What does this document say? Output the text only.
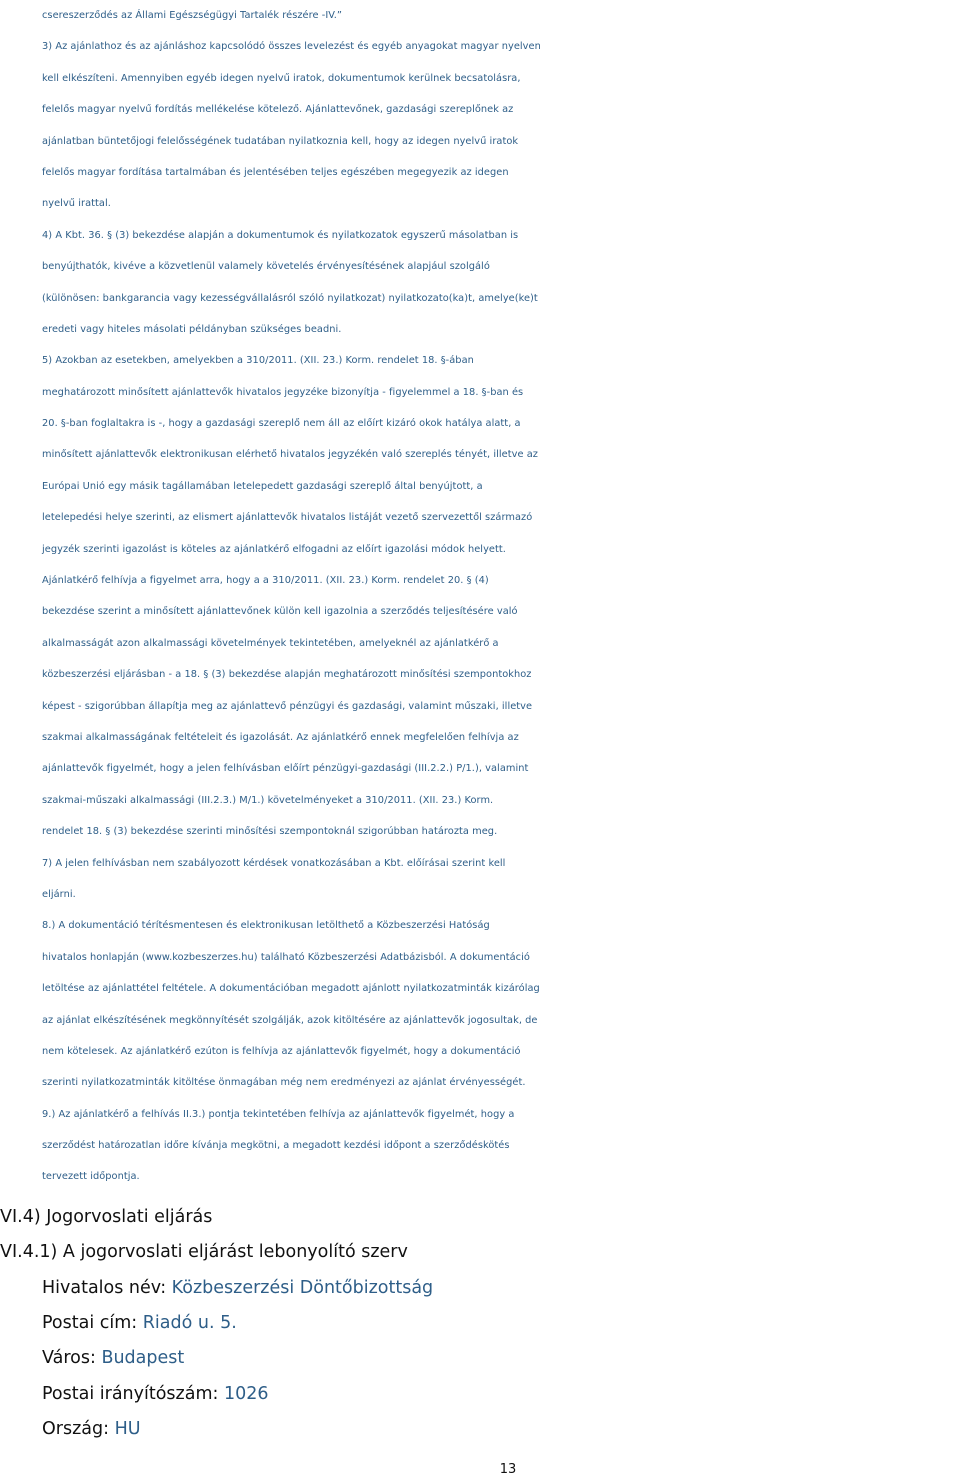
csereszerződés az Állami Egészségügyi Tartalék részére -IV.”
3) Az ajánlathoz és az ajánláshoz kapcsolódó összes levelezést és egyéb anyagokat magyar nyelven
kell elkészíteni. Amennyiben egyéb idegen nyelvű iratok, dokumentumok kerülnek becsatolásra,
felelős magyar nyelvű fordítás mellékelése kötelező. Ajánlattevőnek, gazdasági szereplőnek az
ajánlatban büntetőjogi felelősségének tudatában nyilatkoznia kell, hogy az idegen nyelvű iratok
felelős magyar fordítása tartalmában és jelentésében teljes egészében megegyezik az idegen
nyelvű irattal.
4) A Kbt. 36. § (3) bekezdése alapján a dokumentumok és nyilatkozatok egyszerű másolatban is
benyújthatók, kivéve a közvetlenül valamely követelés érvényesítésének alapjául szolgáló
(különösen: bankgarancia vagy kezességvállalásról szóló nyilatkozat) nyilatkozato(ka)t, amelye(ke)t
eredeti vagy hiteles másolati példányban szükséges beadni.
5) Azokban az esetekben, amelyekben a 310/2011. (XII. 23.) Korm. rendelet 18. §-ában
meghatározott minősített ajánlattevők hivatalos jegyzéke bizonyítja - figyelemmel a 18. §-ban és
20. §-ban foglaltakra is -, hogy a gazdasági szereplő nem áll az előírt kizáró okok hatálya alatt, a
minősített ajánlattevők elektronikusan elérhető hivatalos jegyzékén való szereplés tényét, illetve az
Európai Unió egy másik tagállamában letelepedett gazdasági szereplő által benyújtott, a
letelepedési helye szerinti, az elismert ajánlattevők hivatalos listáját vezető szervezettől származó
jegyzék szerinti igazolást is köteles az ajánlatkérő elfogadni az előírt igazolási módok helyett.
Ajánlatkérő felhívja a figyelmet arra, hogy a a 310/2011. (XII. 23.) Korm. rendelet 20. § (4)
bekezdése szerint a minősített ajánlattevőnek külön kell igazolnia a szerződés teljesítésére való
alkalmasságát azon alkalmassági követelmények tekintetében, amelyeknél az ajánlatkérő a
közbeszerzési eljárásban - a 18. § (3) bekezdése alapján meghatározott minősítési szempontokhoz
képest - szigorúbban állapítja meg az ajánlattevő pénzügyi és gazdasági, valamint műszaki, illetve
szakmai alkalmasságának feltételeit és igazolását. Az ajánlatkérő ennek megfelelően felhívja az
ajánlattevők figyelmét, hogy a jelen felhívásban előírt pénzügyi-gazdasági (III.2.2.) P/1.), valamint
szakmai-műszaki alkalmassági (III.2.3.) M/1.) követelményeket a 310/2011. (XII. 23.) Korm.
rendelet 18. § (3) bekezdése szerinti minősítési szempontoknál szigorúbban határozta meg.
7) A jelen felhívásban nem szabályozott kérdések vonatkozásában a Kbt. előírásai szerint kell
eljárni.
8.) A dokumentáció térítésmentesen és elektronikusan letölthető a Közbeszerzési Hatóság
hivatalos honlapján (www.kozbeszerzes.hu) található Közbeszerzési Adatbázisból. A dokumentáció
letöltése az ajánlattétel feltétele. A dokumentációban megadott ajánlott nyilatkozatminták kizárólag
az ajánlat elkészítésének megkönnyítését szolgálják, azok kitöltésére az ajánlattevők jogosultak, de
nem kötelesek. Az ajánlatkérő ezúton is felhívja az ajánlattevők figyelmét, hogy a dokumentáció
szerinti nyilatkozatminták kitöltése önmagában még nem eredményezi az ajánlat érvényességét.
9.) Az ajánlatkérő a felhívás II.3.) pontja tekintetében felhívja az ajánlattevők figyelmét, hogy a
szerződést határozatlan időre kívánja megkötni, a megadott kezdési időpont a szerződéskötés
tervezett időpontja.
VI.4) Jogorvoslati eljárás
VI.4.1) A jogorvoslati eljárást lebonyolító szerv
Hivatalos név: Közbeszerzési Döntőbizottság
Postai cím: Riadó u. 5.
Város: Budapest
Postai irányítószám: 1026
Ország: HU
13
